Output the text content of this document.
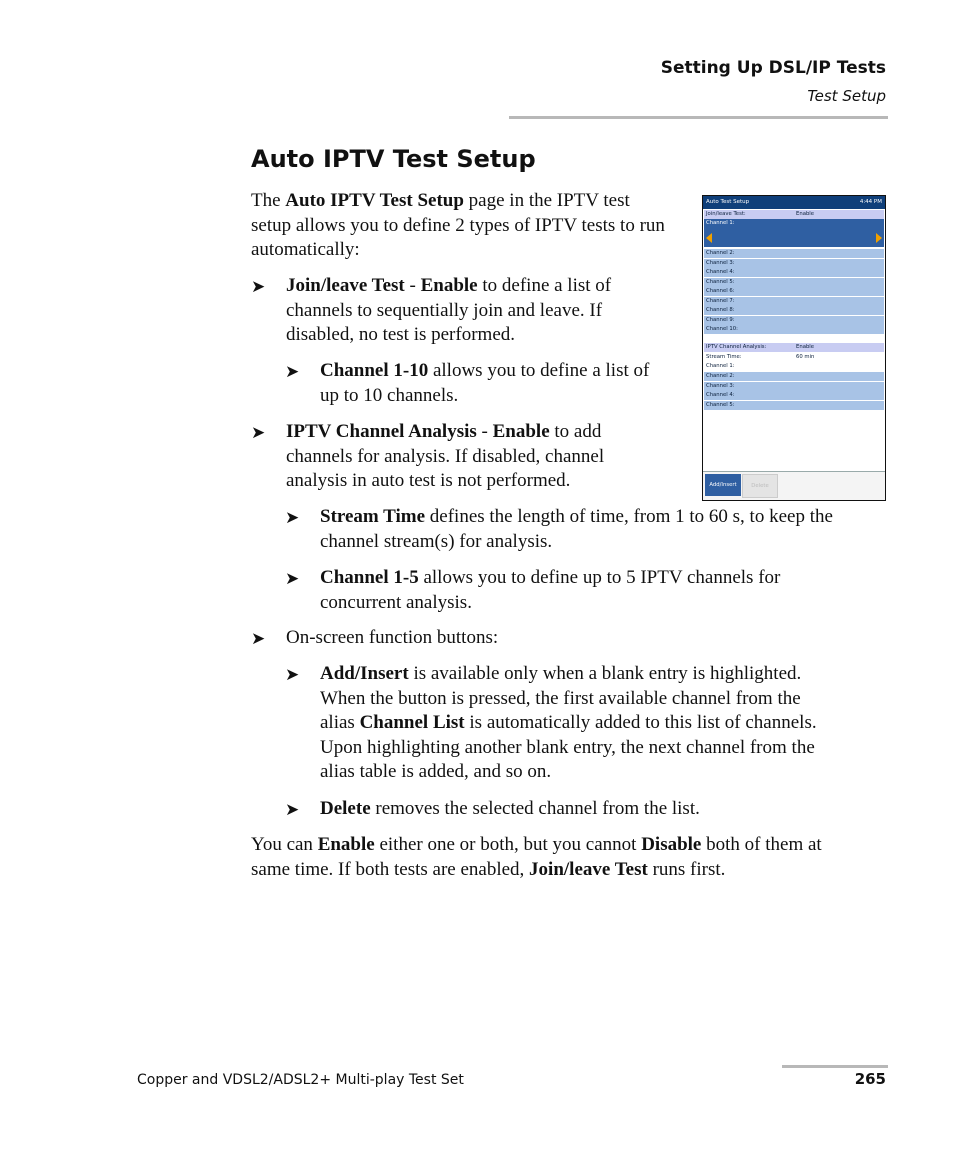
Setting Up DSL/IP Tests
Test Setup
Auto IPTV Test Setup
The Auto IPTV Test Setup page in the IPTV test
setup allows you to define 2 types of IPTV tests to run
automatically:
➤ Join/leave Test - Enable to define a list of
channels to sequentially join and leave. If
disabled, no test is performed.
➤ Channel 1-10 allows you to define a list of
up to 10 channels.
➤ IPTV Channel Analysis - Enable to add
channels for analysis. If disabled, channel
analysis in auto test is not performed.
➤ Stream Time defines the length of time, from 1 to 60 s, to keep the
channel stream(s) for analysis.
➤ Channel 1-5 allows you to define up to 5 IPTV channels for
concurrent analysis.
➤ On-screen function buttons:
➤ Add/Insert is available only when a blank entry is highlighted.
When the button is pressed, the first available channel from the
alias Channel List is automatically added to this list of channels.
Upon highlighting another blank entry, the next channel from the
alias table is added, and so on.
➤ Delete removes the selected channel from the list.
You can Enable either one or both, but you cannot Disable both of them at
same time. If both tests are enabled, Join/leave Test runs first.
Auto Test Setup	4:44 PM
Join/leave Test:	Enable
Channel 1:
Channel 2:
Channel 3:
Channel 4:
Channel 5:
Channel 6:
Channel 7:
Channel 8:
Channel 9:
Channel 10:
IPTV Channel Analysis:	Enable
Stream Time:	60 min
Channel 1:
Channel 2:
Channel 3:
Channel 4:
Channel 5:
Add/Insert	Delete
Copper and VDSL2/ADSL2+ Multi-play Test Set	265
